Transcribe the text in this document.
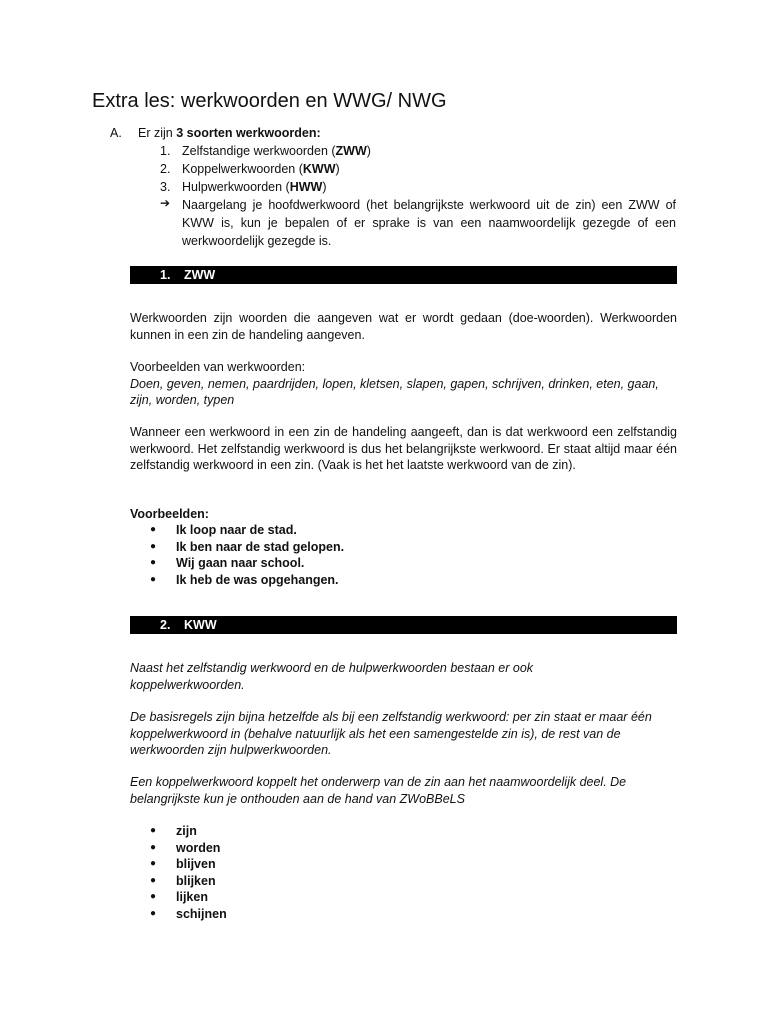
Extra les: werkwoorden en WWG/ NWG
A.	Er zijn 3 soorten werkwoorden:
1. Zelfstandige werkwoorden (ZWW)
2. Koppelwerkwoorden (KWW)
3. Hulpwerkwoorden (HWW)
➔ Naargelang je hoofdwerkwoord (het belangrijkste werkwoord uit de zin) een ZWW of KWW is, kun je bepalen of er sprake is van een naamwoordelijk gezegde of een werkwoordelijk gezegde is.
1. ZWW

Werkwoorden zijn woorden die aangeven wat er wordt gedaan (doe-woorden). Werkwoorden kunnen in een zin de handeling aangeven.

Voorbeelden van werkwoorden:

Doen, geven, nemen, paardrijden, lopen, kletsen, slapen, gapen, schrijven, drinken, eten, gaan, zijn, worden, typen

Wanneer een werkwoord in een zin de handeling aangeeft, dan is dat werkwoord een zelfstandig werkwoord. Het zelfstandig werkwoord is dus het belangrijkste werkwoord. Er staat altijd maar één zelfstandig werkwoord in een zin. (Vaak is het het laatste werkwoord van de zin).

Voorbeelden:

●	Ik loop naar de stad.
●	Ik ben naar de stad gelopen.
●	Wij gaan naar school.
●	Ik heb de was opgehangen.
2. KWW

Naast het zelfstandig werkwoord en de hulpwerkwoorden bestaan er ook koppelwerkwoorden.

De basisregels zijn bijna hetzelfde als bij een zelfstandig werkwoord: per zin staat er maar één koppelwerkwoord in (behalve natuurlijk als het een samengestelde zin is), de rest van de werkwoorden zijn hulpwerkwoorden.

Een koppelwerkwoord koppelt het onderwerp van de zin aan het naamwoordelijk deel. De belangrijkste kun je onthouden aan de hand van ZWoBBeLS

●	zijn
●	worden
●	blijven
●	blijken
●	lijken
●	schijnen
